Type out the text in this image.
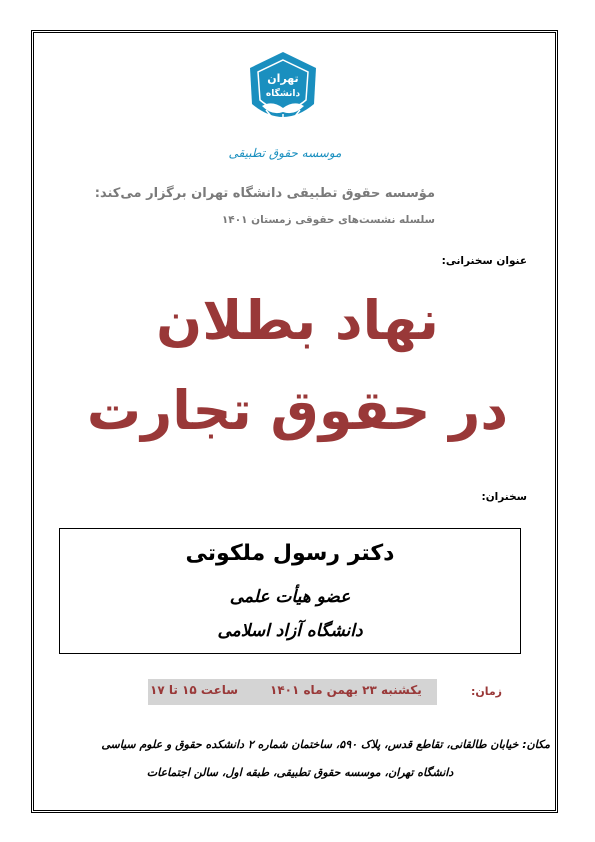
تهران
دانشگاه
موسسه حقوق تطبیقی
مؤسسه حقوق تطبیقی دانشگاه تهران برگزار می‌کند:
سلسله نشست‌های حقوقی زمستان ۱۴۰۱
عنوان سخنرانی:
نهاد بطلان
در حقوق تجارت
سخنران:
دکتر رسول ملکوتی
عضو هیأت علمی
دانشگاه آزاد اسلامی
زمان:
یکشنبه ۲۳ بهمن ماه ۱۴۰۱
ساعت ۱۵ تا ۱۷
مکان: خیابان طالقانی، تقاطع قدس، پلاک ۵۹۰، ساختمان شماره ۲ دانشکده حقوق و علوم سیاسی
دانشگاه تهران، موسسه حقوق تطبیقی، طبقه اول، سالن اجتماعات
